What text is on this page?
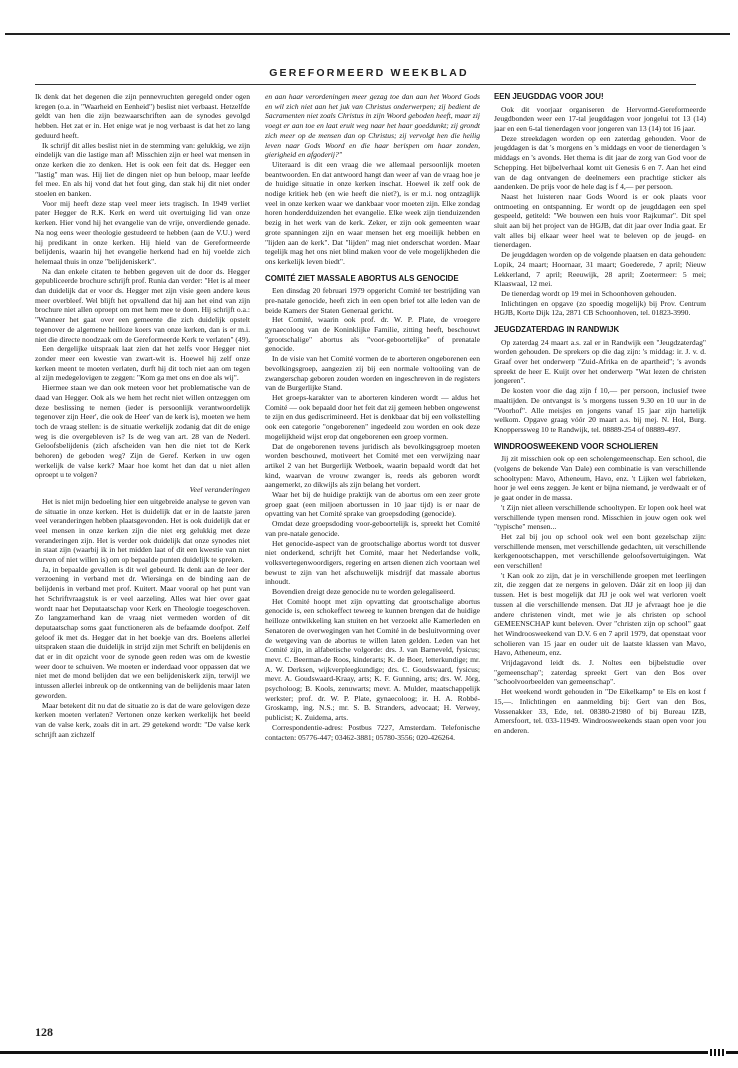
GEREFORMEERD WEEKBLAD

Ik denk dat het degenen die zijn pennevruchten geregeld onder ogen kregen (o.a. in "Waarheid en Eenheid") beslist niet verbaast. Hetzelfde geldt van hen die zijn bezwaarschriften aan de synodes gevolgd hebben. Het zat er in. Het enige wat je nog verbaast is dat het zo lang geduurd heeft.

Ik schrijf dit alles beslist niet in de stemming van: gelukkig, we zijn eindelijk van die lastige man af! Misschien zijn er heel wat mensen in onze kerken die zo denken. Het is ook een feit dat ds. Hegger een "lastig" man was. Hij liet de dingen niet op hun beloop, maar leefde fel mee. En als hij vond dat het fout ging, dan stak hij dit niet onder stoelen en banken.

Voor mij heeft deze stap veel meer iets tragisch. In 1949 verliet pater Hegger de R.K. Kerk en werd uit overtuiging lid van onze kerken. Hier vond hij het evangelie van de vrije, onverdiende genade. Na nog eens weer theologie gestudeerd te hebben (aan de V.U.) werd hij predikant in onze kerken. Hij hield van de Gereformeerde belijdenis, waarin hij het evangelie herkend had en hij voelde zich helemaal thuis in onze "belijdeniskerk".

Na dan enkele citaten te hebben gegeven uit de door ds. Hegger gepubliceerde brochure schrijft prof. Runia dan verder: "Het is al meer dan duidelijk dat er voor ds. Hegger met zijn visie geen andere keus meer overbleef. Wel blijft het opvallend dat hij aan het eind van zijn brochure niet allen oproept om met hem mee te doen. Hij schrijft o.a.: "Wanneer het gaat over een gemeente die zich duidelijk opstelt tegenover de algemene heilloze koers van onze kerken, dan is er m.i. niet die directe noodzaak om de Gereformeerde Kerk te verlaten" (49).

Een dergelijke uitspraak laat zien dat het zelfs voor Hegger niet zonder meer een kwestie van zwart-wit is. Hoewel hij zelf onze kerken meent te moeten verlaten, durft hij dit toch niet aan om tegen al zijn medegelovigen te zeggen: "Kom ga met ons en doe als wij".

Hiermee staan we dan ook meteen voor het problematische van de daad van Hegger. Ook als we hem het recht niet willen ontzeggen om deze beslissing te nemen (ieder is persoonlijk verantwoordelijk tegenover zijn Heer', die ook de Heer' van de kerk is), moeten we hem toch de vraag stellen: is de situatie werkelijk zodanig dat dit de enige weg is die overgebleven is? Is de weg van art. 28 van de Nederl. Geloofsbelijdenis (zich afscheiden van hen die niet tot de Kerk behoren) de geboden weg? Zijn de Geref. Kerken in uw ogen werkelijk de valse kerk? Maar hoe komt het dan dat u niet allen oproept u te volgen?

Veel veranderingen

Het is niet mijn bedoeling hier een uitgebreide analyse te geven van de situatie in onze kerken. Het is duidelijk dat er in de laatste jaren veel veranderingen hebben plaatsgevonden. Het is ook duidelijk dat er veel mensen in onze kerken zijn die niet erg gelukkig met deze veranderingen zijn. Het is verder ook duidelijk dat onze synodes niet in staat zijn (waarbij ik in het midden laat of dit een kwestie van niet durven of niet willen is) om op bepaalde punten duidelijk te spreken.

Ja, in bepaalde gevallen is dit wel gebeurd. Ik denk aan de leer der verzoening in verband met dr. Wiersinga en de binding aan de belijdenis in verband met prof. Kuitert. Maar vooral op het punt van het Schriftvraagstuk is er veel aarzeling. Alles wat hier over gaat wordt naar het Deputaatschap voor Kerk en Theologie toegeschoven. Zo langzamerhand kan de vraag niet vermeden worden of dit deputaatschap soms gaat functioneren als de befaamde doofpot. Zelf geloof ik met ds. Hegger dat in het boekje van drs. Boelens allerlei uitspraken staan die duidelijk in strijd zijn met Schrift en belijdenis en dat er in dit opzicht voor de synode geen reden was om de kwestie weer door te schuiven. We moeten er inderdaad voor oppassen dat we niet met de mond belijden dat we een belijdeniskerk zijn, terwijl we intussen allerlei inbreuk op de ontkenning van de belijdenis maar laten geworden.

Maar betekent dit nu dat de situatie zo is dat de ware gelovigen deze kerken moeten verlaten? Vertonen onze kerken werkelijk het beeld van de valse kerk, zoals dit in art. 29 getekend wordt: "De valse kerk schrijft aan zichzelf

en aan haar verordeningen meer gezag toe dan aan het Woord Gods en wil zich niet aan het juk van Christus onderwerpen; zij bedient de Sacramenten niet zoals Christus in zijn Woord geboden heeft, maar zij voegt er aan toe en laat eruit weg naar het haar goeddunkt; zij grondt zich meer op de mensen dan op Christus; zij vervolgt hen die heilig leven naar Gods Woord en die haar berispen om haar zonden, gierigheid en afgoderij?"

Uiteraard is dit een vraag die we allemaal persoonlijk moeten beantwoorden. En dat antwoord hangt dan weer af van de vraag hoe je de huidige situatie in onze kerken inschat. Hoewel ik zelf ook de nodige kritiek heb (en wie heeft die niet?), is er m.i. nog ontzaglijk veel in onze kerken waar we dankbaar voor moeten zijn. Elke zondag horen honderdduizenden het evangelie. Elke week zijn tienduizenden bezig in het werk van de kerk. Zeker, er zijn ook gemeenten waar grote spanningen zijn en waar mensen het erg moeilijk hebben en "lijden aan de kerk". Dat "lijden" mag niet onderschat worden. Maar tegelijk mag het ons niet blind maken voor de vele mogelijkheden die ons kerkelijk leven biedt".

COMITÉ ZIET MASSALE ABORTUS ALS GENOCIDE

Een dinsdag 20 februari 1979 opgericht Comité ter bestrijding van pre-natale genocide, heeft zich in een open brief tot alle leden van de beide Kamers der Staten Generaal gericht.

Het Comité, waarin ook prof. dr. W. P. Plate, de vroegere gynaecoloog van de Koninklijke Familie, zitting heeft, beschouwt "grootschalige" abortus als "voor-geboortelijke" of prenatale genocide.

In de visie van het Comité vormen de te aborteren ongeborenen een bevolkingsgroep, aangezien zij bij een normale voltooiing van de zwangerschap geboren zouden worden en ingeschreven in de registers van de Burgerlijke Stand.

Het groeps-karakter van te aborteren kinderen wordt — aldus het Comité — ook bepaald door het feit dat zij gemeen hebben ongewenst te zijn en dus gediscrimineerd. Het is denkbaar dat bij een volkstelling ook een categorie "ongeborenen" ingedeeld zou worden en ook deze mogelijkheid wijst erop dat ongeborenen een groep vormen.

Dat de ongeborenen tevens juridisch als bevolkingsgroep moeten worden beschouwd, motiveert het Comité met een verwijzing naar artikel 2 van het Burgerlijk Wetboek, waarin bepaald wordt dat het kind, waarvan de vrouw zwanger is, reeds als geboren wordt aangemerkt, zo dikwijls als zijn belang het vordert.

Waar het bij de huidige praktijk van de abortus om een zeer grote groep gaat (een miljoen abortussen in 10 jaar tijd) is er naar de opvatting van het Comité sprake van groepsdoding (genocide).

Omdat deze groepsdoding voor-geboortelijk is, spreekt het Comité van pre-natale genocide.

Het genocide-aspect van de grootschalige abortus wordt tot dusver niet onderkend, schrijft het Comité, maar het Nederlandse volk, volksvertegenwoordigers, regering en artsen dienen zich voortaan wel bewust te zijn van het afschuwelijk misdrijf dat massale abortus inhoudt.

Bovendien dreigt deze genocide nu te worden gelegaliseerd.

Het Comité hoopt met zijn opvatting dat grootschalige abortus genocide is, een schokeffect teweeg te kunnen brengen dat de huidige heilloze ontwikkeling kan stuiten en het verzoekt alle Kamerleden en Senatoren de overwegingen van het Comité in de besluitvorming over de wetgeving van de abortus te willen laten gelden. Leden van het Comité zijn, in alfabetische volgorde: drs. J. van Barneveld, fysicus; mevr. C. Beerman-de Roos, kinderarts; K. de Boer, letterkundige; mr. A. W. Derksen, wijkverpleegkundige; drs. C. Goudswaard, fysicus; mevr. A. Goudswaard-Kraay, arts; K. F. Gunning, arts; drs. W. Jörg, psycholoog; B. Kools, zenuwarts; mevr. A. Mulder, maatschappelijk werkster; prof. dr. W. P. Plate, gynaecoloog; ir. H. A. Robbé-Groskamp, ing. N.S.; mr. S. B. Stranders, advocaat; H. Verwey, publicist; K. Zuidema, arts.

Correspondentie-adres: Postbus 7227, Amsterdam. Telefonische contacten: 05776-447; 03462-3881; 05780-3556; 020-426264.

EEN JEUGDDAG VOOR JOU!

Ook dit voorjaar organiseren de Hervormd-Gereformeerde Jeugdbonden weer een 17-tal jeugddagen voor jongelui tot 13 (14) jaar en een 6-tal tienerdagen voor jongeren van 13 (14) tot 16 jaar.

Deze streekdagen worden op een zaterdag gehouden. Voor de jeugddagen is dat 's morgens en 's middags en voor de tienerdagen 's middags en 's avonds. Het thema is dit jaar de zorg van God voor de Schepping. Het bijbelverhaal komt uit Genesis 6 en 7. Aan het eind van de dag ontvangen de deelnemers een prachtige sticker als aandenken. De prijs voor de hele dag is f 4,— per persoon.

Naast het luisteren naar Gods Woord is er ook plaats voor ontmoeting en ontspanning. Er wordt op de jeugddagen een spel gespeeld, getiteld: "We bouwen een huis voor Rajkumar". Dit spel sluit aan bij het project van de HGJB, dat dit jaar over India gaat. Er valt alles bij elkaar weer heel wat te beleven op de jeugd- en tienerdagen.

De jeugddagen worden op de volgende plaatsen en data gehouden: Lopik, 24 maart; Hoornaar, 31 maart; Goederede, 7 april; Nieuw Lekkerland, 7 april; Reeuwijk, 28 april; Zoetermeer: 5 mei; Klaaswaal, 12 mei.

De tienerdag wordt op 19 mei in Schoonhoven gehouden.

Inlichtingen en opgave (zo spoedig mogelijk) bij Prov. Centrum HGJB, Korte Dijk 12a, 2871 CB Schoonhoven, tel. 01823-3990.

JEUGDZATERDAG IN RANDWIJK

Op zaterdag 24 maart a.s. zal er in Randwijk een "Jeugdzaterdag" worden gehouden. De sprekers op die dag zijn: 's middag: ir. J. v. d. Graaf over het onderwerp "Zuid-Afrika en de apartheid"; 's avonds spreekt de heer E. Kuijt over het onderwerp "Wat lezen de christen jongeren".

De kosten voor die dag zijn f 10,— per persoon, inclusief twee maaltijden. De ontvangst is 's morgens tussen 9.30 en 10 uur in de "Voorhof". Alle meisjes en jongens vanaf 15 jaar zijn hartelijk welkom. Opgave graag vóór 20 maart a.s. bij mej. N. Hol, Burg. Knopperssweg 10 te Randwijk, tel. 08889-254 of 08889-497.

WINDROOSWEEKEND VOOR SCHOLIEREN

Jij zit misschien ook op een scholengemeenschap. Een school, die (volgens de bekende Van Dale) een combinatie is van verschillende schooltypen: Mavo, Atheneum, Havo, enz. 't Lijken wel fabrieken, hoor je wel eens zeggen. Je kent er bijna niemand, je verdwaalt er of je gaat onder in de massa.

't Zijn niet alleen verschillende schooltypen. Er lopen ook heel wat verschillende typen mensen rond. Misschien in jouw ogen ook wel "typische" mensen...

Het zal bij jou op school ook wel een bont gezelschap zijn: verschillende mensen, met verschillende gedachten, uit verschillende kerkgenootschappen, met verschillende geloofsovertuigingen. Wat een verschillen!

't Kan ook zo zijn, dat je in verschillende groepen met leerlingen zit, die zeggen dat ze nergens in geloven. Dáár zit en loop jij dan tussen. Het is best mogelijk dat JIJ je ook wel wat verloren voelt tussen al die verschillende mensen. Dat JIJ je afvraagt hoe je die andere christenen vindt, met wie je als christen op school GEMEENSCHAP kunt beleven. Over "christen zijn op school" gaat het Windroosweekend van D.V. 6 en 7 april 1979, dat openstaat voor scholieren van 15 jaar en ouder uit de laatste klassen van Mavo, Havo, Atheneum, enz.

Vrijdagavond leidt ds. J. Noltes een bijbelstudie over "gemeenschap"; zaterdag spreekt Gert van den Bos over "schoolvoorbeelden van gemeenschap".

Het weekend wordt gehouden in "De Eikelkamp" te Els en kost f 15,—. Inlichtingen en aanmelding bij: Gert van den Bos, Vossenakker 33, Ede, tel. 08380-21980 of bij Bureau IZB, Amersfoort, tel. 033-11949. Windroosweekends staan open voor jou en anderen.

128
